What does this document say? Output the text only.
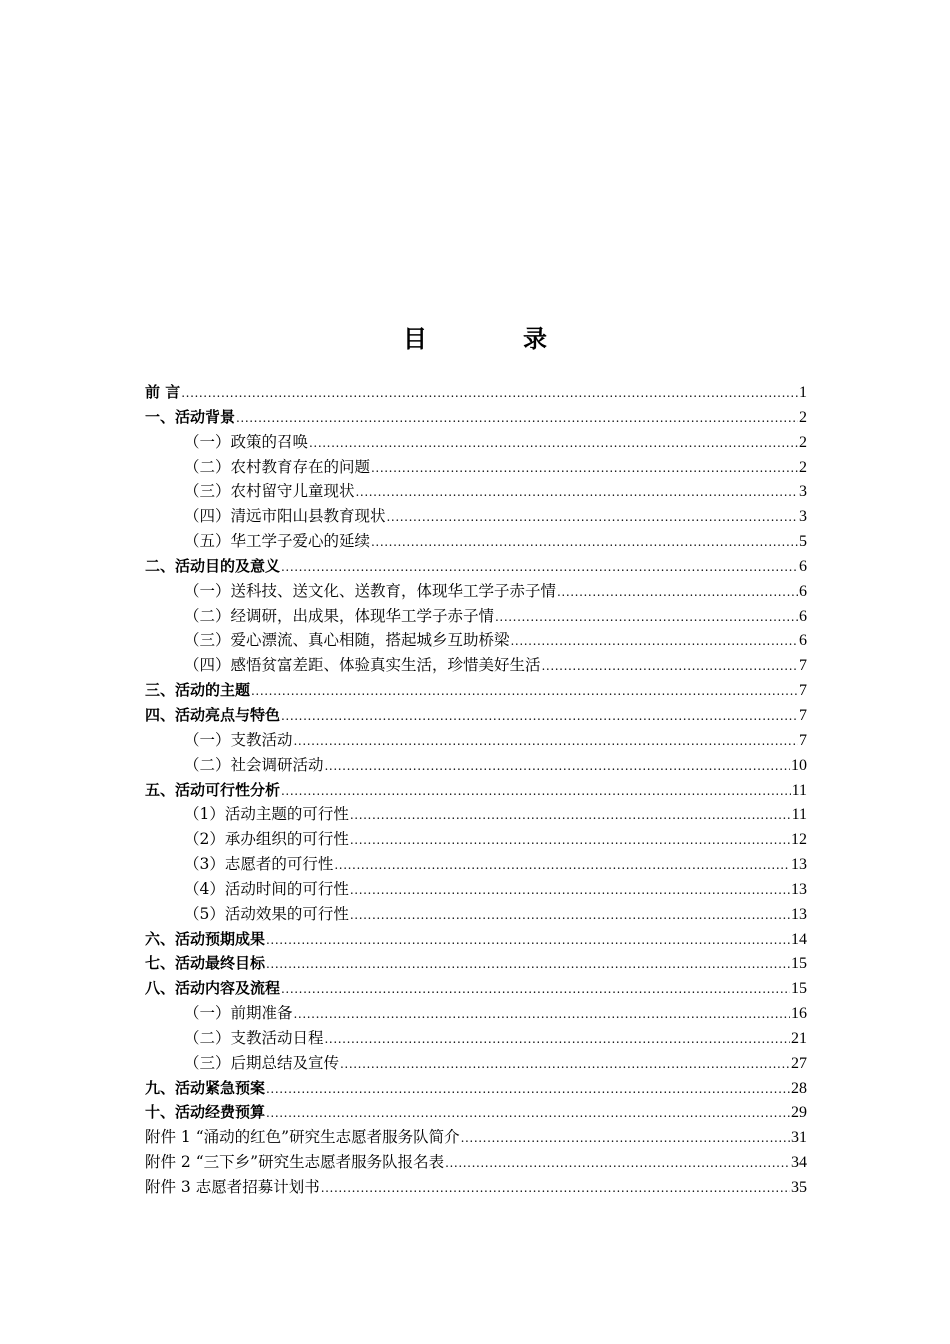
目　录
前 言 .....	1
一、活动背景 .....	2
（一）政策的召唤 .....	2
（二）农村教育存在的问题 .....	2
（三）农村留守儿童现状 .....	3
（四）清远市阳山县教育现状 .....	3
（五）华工学子爱心的延续 .....	5
二、活动目的及意义 .....	6
（一）送科技、送文化、送教育，体现华工学子赤子情 .....	6
（二）经调研，出成果，体现华工学子赤子情 .....	6
（三）爱心漂流、真心相随，搭起城乡互助桥梁 .....	6
（四）感悟贫富差距、体验真实生活，珍惜美好生活 .....	7
三、活动的主题 .....	7
四、活动亮点与特色 .....	7
（一）支教活动 .....	7
（二）社会调研活动 .....	10
五、活动可行性分析 .....	11
（1）活动主题的可行性 .....	11
（2）承办组织的可行性 .....	12
（3）志愿者的可行性 .....	13
（4）活动时间的可行性 .....	13
（5）活动效果的可行性 .....	13
六、活动预期成果 .....	14
七、活动最终目标 .....	15
八、活动内容及流程 .....	15
（一）前期准备 .....	16
（二）支教活动日程 .....	21
（三）后期总结及宣传 .....	27
九、活动紧急预案 .....	28
十、活动经费预算 .....	29
附件 1 “涌动的红色”研究生志愿者服务队简介 .....	31
附件 2 “三下乡”研究生志愿者服务队报名表 .....	34
附件 3 志愿者招募计划书 .....	35
